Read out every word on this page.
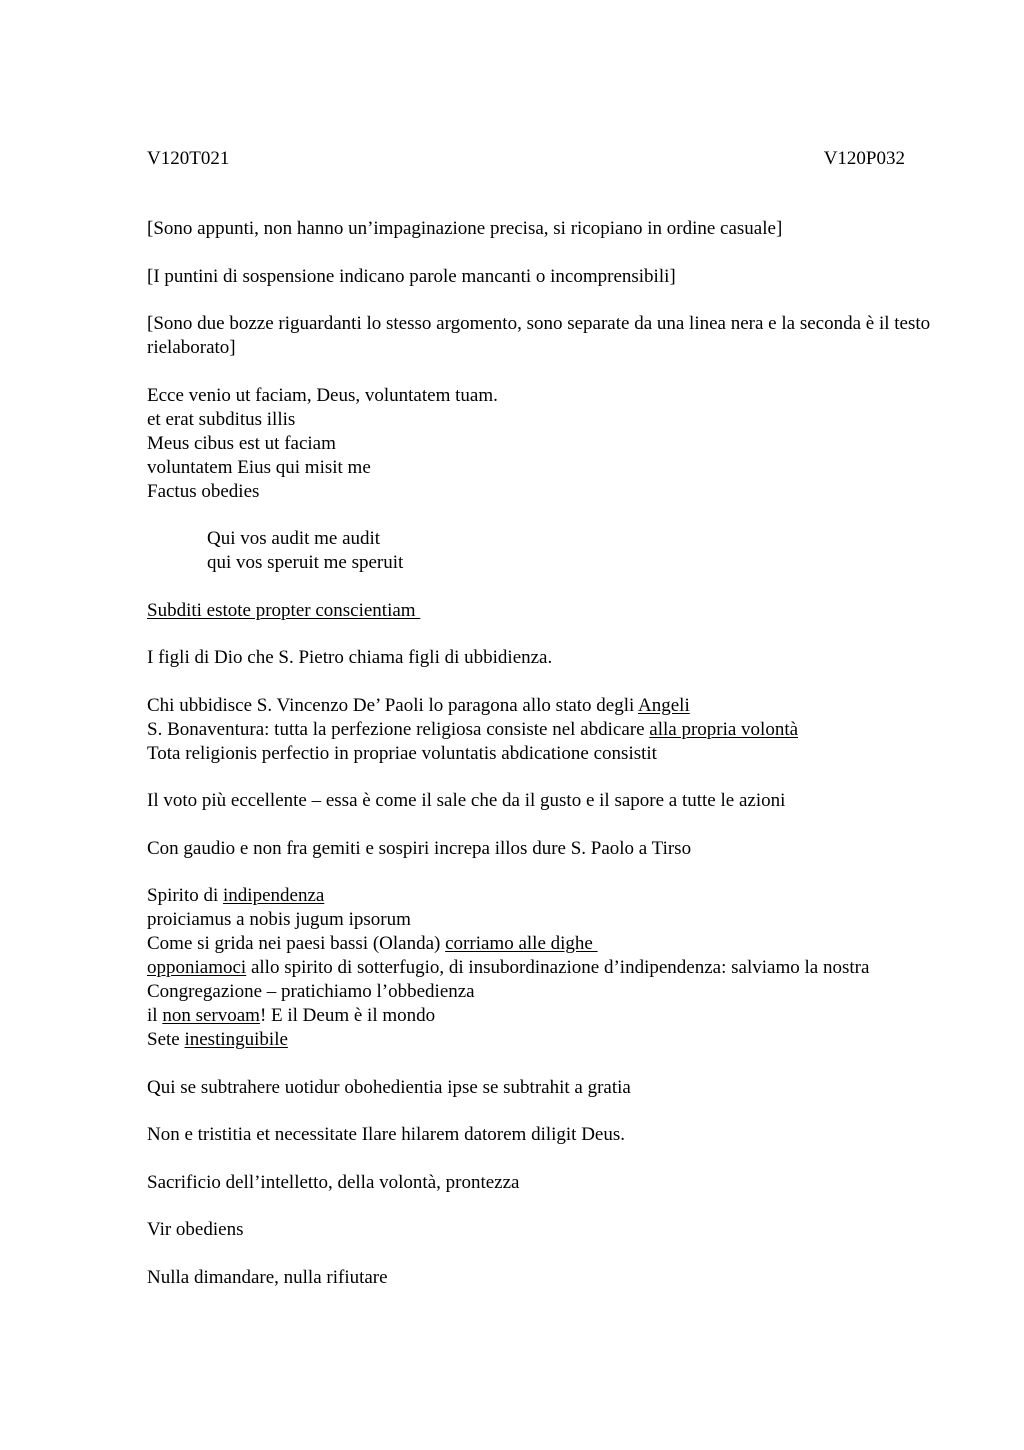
V120T021	V120P032
[Sono appunti, non hanno un’impaginazione precisa, si ricopiano in ordine casuale]
[I puntini di sospensione indicano parole mancanti o incomprensibili]
[Sono due bozze riguardanti lo stesso argomento, sono separate da una linea nera e la seconda è il testo rielaborato]
Ecce venio ut faciam, Deus, voluntatem tuam.
et erat subditus illis
Meus cibus est ut faciam
voluntatem Eius qui misit me
Factus obedies
Qui vos audit me audit
qui vos speruit me speruit
Subditi estote propter conscientiam
I figli di Dio che S. Pietro chiama figli di ubbidienza.
Chi ubbidisce S. Vincenzo De’ Paoli lo paragona allo stato degli Angeli
S. Bonaventura: tutta la perfezione religiosa consiste nel abdicare alla propria volontà
Tota religionis perfectio in propriae voluntatis abdicatione consistit
Il voto più eccellente – essa è come il sale che da il gusto e il sapore a tutte le azioni
Con gaudio e non fra gemiti e sospiri increpa illos dure S. Paolo a Tirso
Spirito di indipendenza
proiciamus a nobis jugum ipsorum
Come si grida nei paesi bassi (Olanda) corriamo alle dighe
opponiamoci allo spirito di sotterfugio, di insubordinazione d’indipendenza: salviamo la nostra Congregazione – pratichiamo l’obbedienza
il non servoam! E il Deum è il mondo
Sete inestinguibile
Qui se subtrahere uotidur obohedientia ipse se subtrahit a gratia
Non e tristitia et necessitate Ilare hilarem datorem diligit Deus.
Sacrificio dell’intelletto, della volontà, prontezza
Vir obediens
Nulla dimandare, nulla rifiutare
